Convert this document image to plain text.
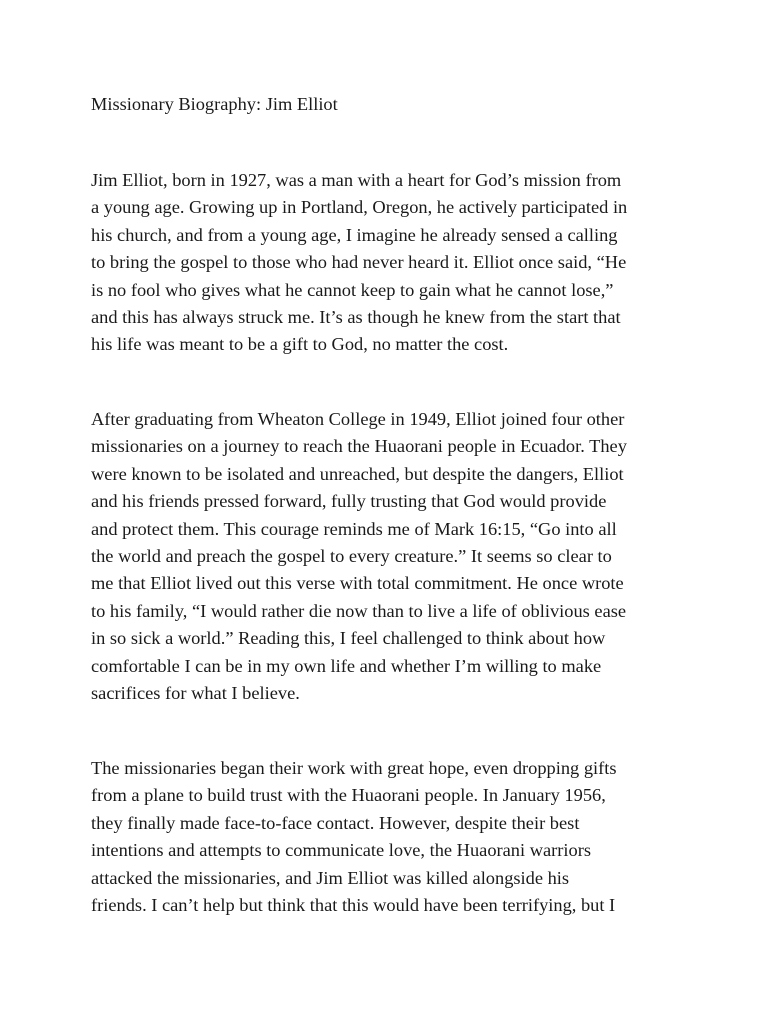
Missionary Biography: Jim Elliot

Jim Elliot, born in 1927, was a man with a heart for God’s mission from
a young age. Growing up in Portland, Oregon, he actively participated in
his church, and from a young age, I imagine he already sensed a calling
to bring the gospel to those who had never heard it. Elliot once said, “He
is no fool who gives what he cannot keep to gain what he cannot lose,”
and this has always struck me. It’s as though he knew from the start that
his life was meant to be a gift to God, no matter the cost.

After graduating from Wheaton College in 1949, Elliot joined four other
missionaries on a journey to reach the Huaorani people in Ecuador. They
were known to be isolated and unreached, but despite the dangers, Elliot
and his friends pressed forward, fully trusting that God would provide
and protect them. This courage reminds me of Mark 16:15, “Go into all
the world and preach the gospel to every creature.” It seems so clear to
me that Elliot lived out this verse with total commitment. He once wrote
to his family, “I would rather die now than to live a life of oblivious ease
in so sick a world.” Reading this, I feel challenged to think about how
comfortable I can be in my own life and whether I’m willing to make
sacrifices for what I believe.

The missionaries began their work with great hope, even dropping gifts
from a plane to build trust with the Huaorani people. In January 1956,
they finally made face-to-face contact. However, despite their best
intentions and attempts to communicate love, the Huaorani warriors
attacked the missionaries, and Jim Elliot was killed alongside his
friends. I can’t help but think that this would have been terrifying, but I
